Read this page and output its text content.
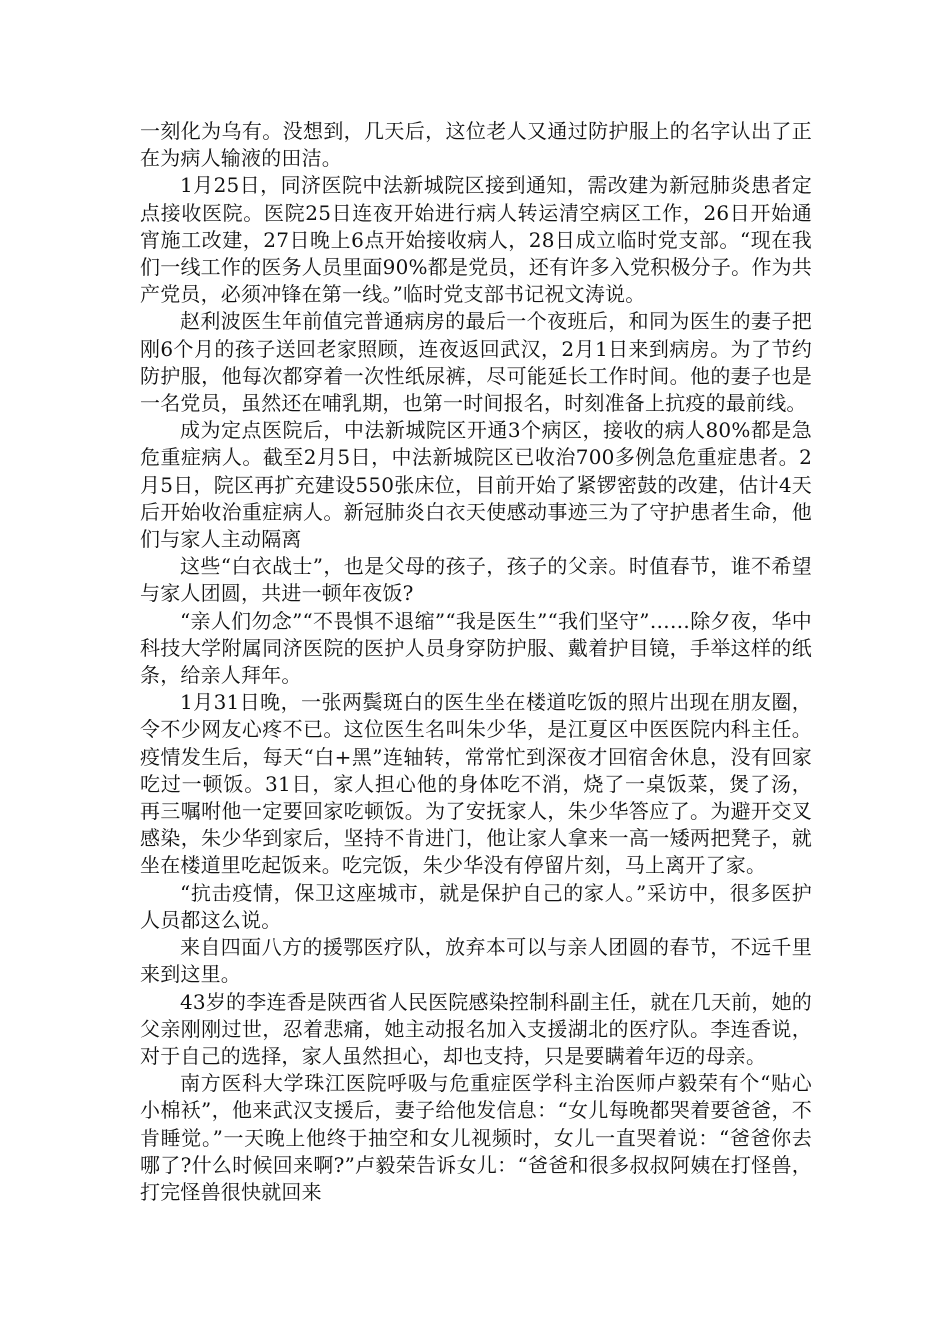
一刻化为乌有。没想到，几天后，这位老人又通过防护服上的名字认出了正在为病人输液的田洁。

1月25日，同济医院中法新城院区接到通知，需改建为新冠肺炎患者定点接收医院。医院25日连夜开始进行病人转运清空病区工作，26日开始通宵施工改建，27日晚上6点开始接收病人，28日成立临时党支部。“现在我们一线工作的医务人员里面90%都是党员，还有许多入党积极分子。作为共产党员，必须冲锋在第一线。”临时党支部书记祝文涛说。

赵利波医生年前值完普通病房的最后一个夜班后，和同为医生的妻子把刚6个月的孩子送回老家照顾，连夜返回武汉，2月1日来到病房。为了节约防护服，他每次都穿着一次性纸尿裤，尽可能延长工作时间。他的妻子也是一名党员，虽然还在哺乳期，也第一时间报名，时刻准备上抗疫的最前线。

成为定点医院后，中法新城院区开通3个病区，接收的病人80%都是急危重症病人。截至2月5日，中法新城院区已收治700多例急危重症患者。2月5日，院区再扩充建设550张床位，目前开始了紧锣密鼓的改建，估计4天后开始收治重症病人。新冠肺炎白衣天使感动事迹三为了守护患者生命，他们与家人主动隔离

这些“白衣战士”，也是父母的孩子，孩子的父亲。时值春节，谁不希望与家人团圆，共进一顿年夜饭?

“亲人们勿念”“不畏惧不退缩”“我是医生”“我们坚守”……除夕夜，华中科技大学附属同济医院的医护人员身穿防护服、戴着护目镜，手举这样的纸条，给亲人拜年。

1月31日晚，一张两鬓斑白的医生坐在楼道吃饭的照片出现在朋友圈，令不少网友心疼不已。这位医生名叫朱少华，是江夏区中医医院内科主任。疫情发生后，每天“白+黑”连轴转，常常忙到深夜才回宿舍休息，没有回家吃过一顿饭。31日，家人担心他的身体吃不消，烧了一桌饭菜，煲了汤，再三嘱咐他一定要回家吃顿饭。为了安抚家人，朱少华答应了。为避开交叉感染，朱少华到家后，坚持不肯进门，他让家人拿来一高一矮两把凳子，就坐在楼道里吃起饭来。吃完饭，朱少华没有停留片刻，马上离开了家。

“抗击疫情，保卫这座城市，就是保护自己的家人。”采访中，很多医护人员都这么说。

来自四面八方的援鄂医疗队，放弃本可以与亲人团圆的春节，不远千里来到这里。

43岁的李连香是陕西省人民医院感染控制科副主任，就在几天前，她的父亲刚刚过世，忍着悲痛，她主动报名加入支援湖北的医疗队。李连香说，对于自己的选择，家人虽然担心，却也支持，只是要瞒着年迈的母亲。

南方医科大学珠江医院呼吸与危重症医学科主治医师卢毅荣有个“贴心小棉袄”，他来武汉支援后，妻子给他发信息：“女儿每晚都哭着要爸爸，不肯睡觉。”一天晚上他终于抽空和女儿视频时，女儿一直哭着说：“爸爸你去哪了?什么时候回来啊?”卢毅荣告诉女儿：“爸爸和很多叔叔阿姨在打怪兽，打完怪兽很快就回来
